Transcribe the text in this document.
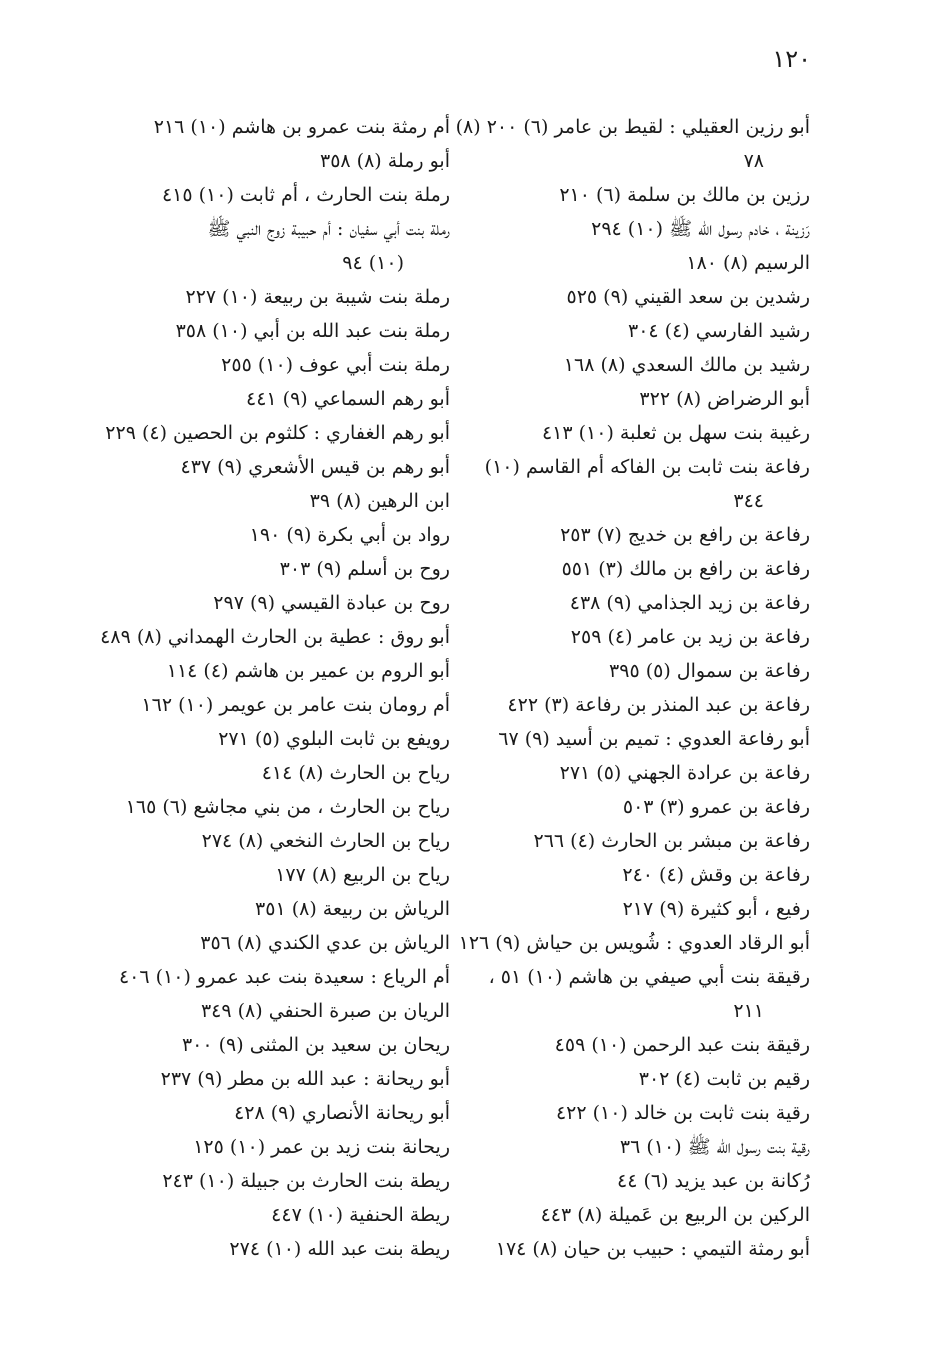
١٢٠
أبو رزين العقيلي : لقيط بن عامر (٦) ٢٠٠ (٨)
٧٨
رزين بن مالك بن سلمة (٦) ٢١٠
رَزينة ، خادم رسول الله ﷺ (١٠) ٢٩٤
الرسيم (٨) ١٨٠
رشدين بن سعد القيني (٩) ٥٢٥
رشيد الفارسي (٤) ٣٠٤
رشيد بن مالك السعدي (٨) ١٦٨
أبو الرضراض (٨) ٣٢٢
رغيبة بنت سهل بن ثعلبة (١٠) ٤١٣
رفاعة بنت ثابت بن الفاكه أم القاسم (١٠)
٣٤٤
رفاعة بن رافع بن خديج (٧) ٢٥٣
رفاعة بن رافع بن مالك (٣) ٥٥١
رفاعة بن زيد الجذامي (٩) ٤٣٨
رفاعة بن زيد بن عامر (٤) ٢٥٩
رفاعة بن سموال (٥) ٣٩٥
رفاعة بن عبد المنذر بن رفاعة (٣) ٤٢٢
أبو رفاعة العدوي : تميم بن أسيد (٩) ٦٧
رفاعة بن عرادة الجهني (٥) ٢٧١
رفاعة بن عمرو (٣) ٥٠٣
رفاعة بن مبشر بن الحارث (٤) ٢٦٦
رفاعة بن وقش (٤) ٢٤٠
رفيع ، أبو كثيرة (٩) ٢١٧
أبو الرقاد العدوي : شُويس بن حياش (٩) ١٢٦
رقيقة بنت أبي صيفي بن هاشم (١٠) ٥١ ،
٢١١
رقيقة بنت عبد الرحمن (١٠) ٤٥٩
رقيم بن ثابت (٤) ٣٠٢
رقية بنت ثابت بن خالد (١٠) ٤٢٢
رقية بنت رسول الله ﷺ (١٠) ٣٦
رُكانة بن عبد يزيد (٦) ٤٤
الركين بن الربيع بن عَميلة (٨) ٤٤٣
أبو رمثة التيمي : حبيب بن حيان (٨) ١٧٤
أم رمثة بنت عمرو بن هاشم (١٠) ٢١٦
أبو رملة (٨) ٣٥٨
رملة بنت الحارث ، أم ثابت (١٠) ٤١٥
رملة بنت أبي سفيان : أم حبيبة زوج النبي ﷺ
(١٠) ٩٤
رملة بنت شيبة بن ربيعة (١٠) ٢٢٧
رملة بنت عبد الله بن أبي (١٠) ٣٥٨
رملة بنت أبي عوف (١٠) ٢٥٥
أبو رهم السماعي (٩) ٤٤١
أبو رهم الغفاري : كلثوم بن الحصين (٤) ٢٢٩
أبو رهم بن قيس الأشعري (٩) ٤٣٧
ابن الرهين (٨) ٣٩
رواد بن أبي بكرة (٩) ١٩٠
روح بن أسلم (٩) ٣٠٣
روح بن عبادة القيسي (٩) ٢٩٧
أبو روق : عطية بن الحارث الهمداني (٨) ٤٨٩
أبو الروم بن عمير بن هاشم (٤) ١١٤
أم رومان بنت عامر بن عويمر (١٠) ١٦٢
رويفع بن ثابت البلوي (٥) ٢٧١
رياح بن الحارث (٨) ٤١٤
رياح بن الحارث ، من بني مجاشع (٦) ١٦٥
رياح بن الحارث النخعي (٨) ٢٧٤
رياح بن الربيع (٨) ١٧٧
الرياش بن ربيعة (٨) ٣٥١
الرياش بن عدي الكندي (٨) ٣٥٦
أم الرياع : سعيدة بنت عبد عمرو (١٠) ٤٠٦
الريان بن صبرة الحنفي (٨) ٣٤٩
ريحان بن سعيد بن المثنى (٩) ٣٠٠
أبو ريحانة : عبد الله بن مطر (٩) ٢٣٧
أبو ريحانة الأنصاري (٩) ٤٢٨
ريحانة بنت زيد بن عمر (١٠) ١٢٥
ريطة بنت الحارث بن جبيلة (١٠) ٢٤٣
ريطة الحنفية (١٠) ٤٤٧
ريطة بنت عبد الله (١٠) ٢٧٤
